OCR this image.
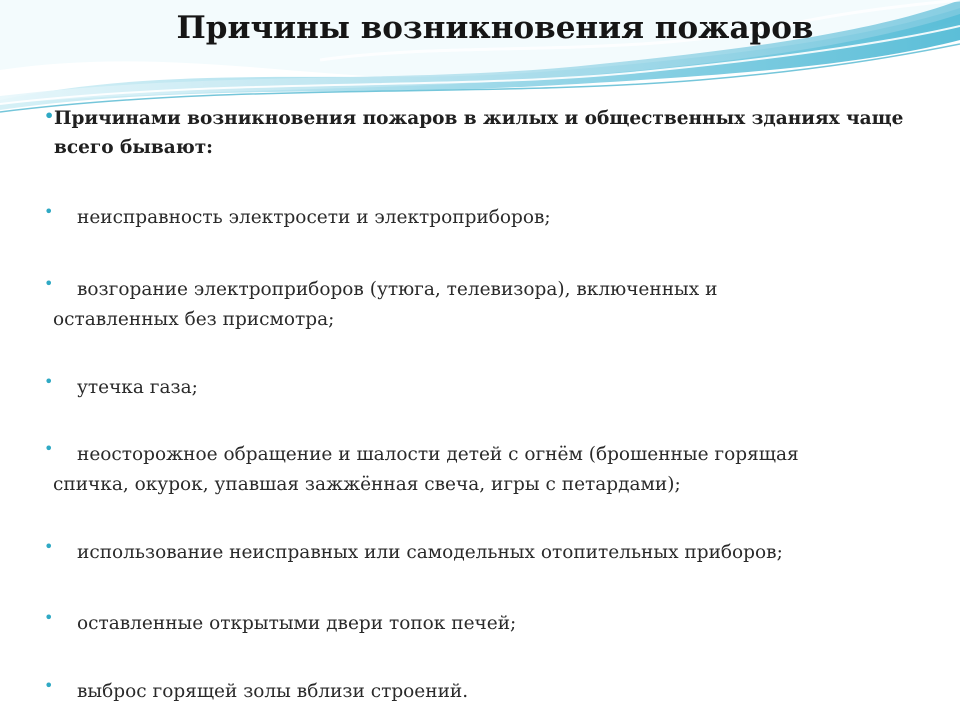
Причины возникновения пожаров

• Причинами возникновения пожаров в жилых и общественных зданиях чаще всего бывают:

•	неисправность электросети и электроприборов;
•	возгорание электроприборов (утюга, телевизора), включенных и
оставленных без присмотра;
•	утечка газа;
•	неосторожное обращение и шалости детей с огнём (брошенные горящая
спичка, окурок, упавшая зажжённая свеча, игры с петардами);
•	использование неисправных или самодельных отопительных приборов;
•	оставленные открытыми двери топок печей;
•	выброс горящей золы вблизи строений.
